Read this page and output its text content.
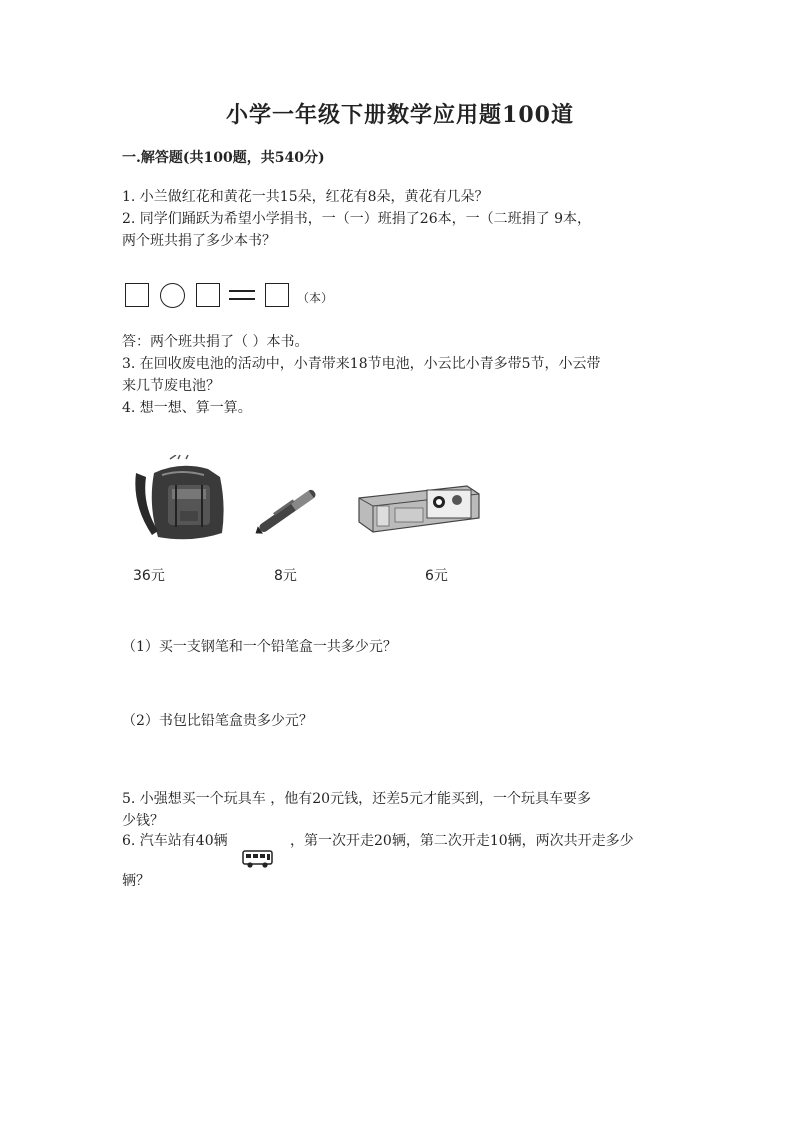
小学一年级下册数学应用题100道
一.解答题(共100题，共540分)
1. 小兰做红花和黄花一共15朵，红花有8朵，黄花有几朵？
2. 同学们踊跃为希望小学捐书，一（一）班捐了26本，一（二班捐了 9本，
两个班共捐了多少本书？
（本）
答：两个班共捐了（ ）本书。
3. 在回收废电池的活动中，小青带来18节电池，小云比小青多带5节，小云带
来几节废电池？
4. 想一想、算一算。
36元	8元	6元
（1）买一支钢笔和一个铅笔盒一共多少元？
（2）书包比铅笔盒贵多少元？
5. 小强想买一个玩具车 ，他有20元钱，还差5元才能买到，一个玩具车要多
少钱？
6. 汽车站有40辆	，第一次开走20辆，第二次开走10辆，两次共开走多少
辆？
